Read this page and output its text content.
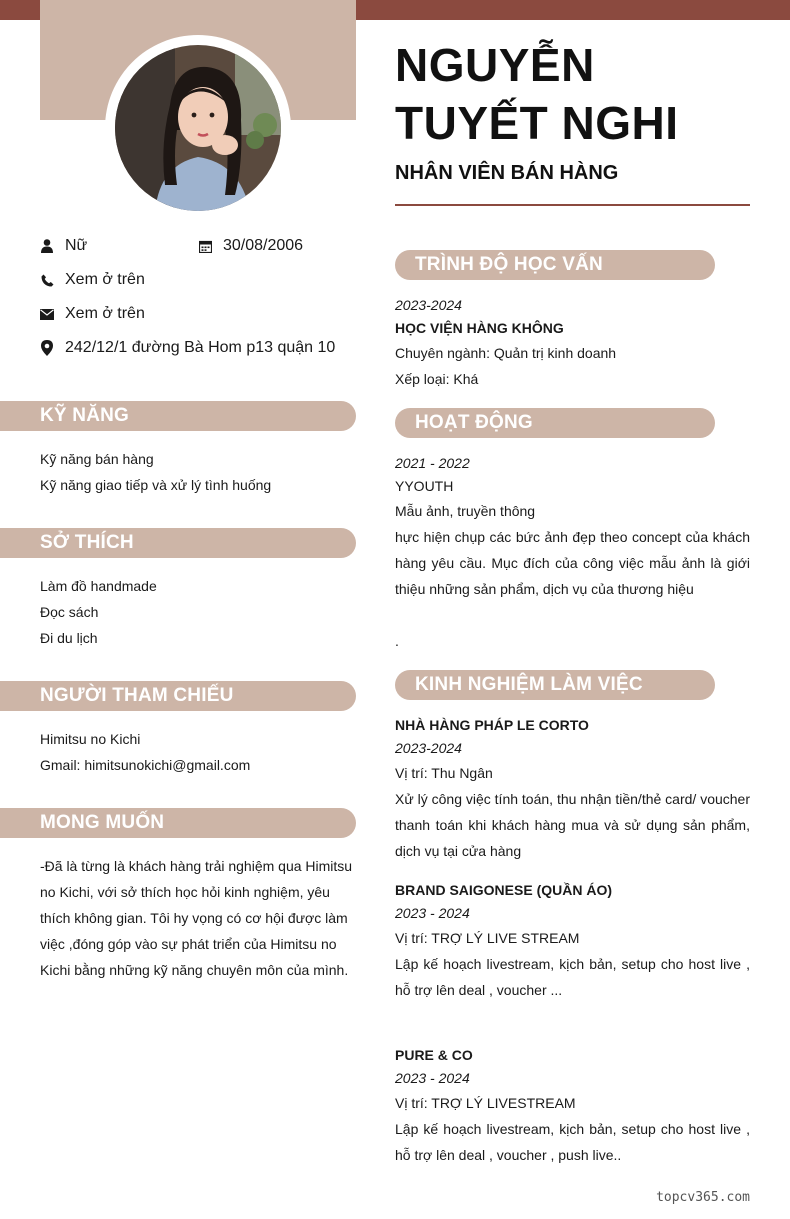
Nữ	30/08/2006
Xem ở trên
Xem ở trên
242/12/1 đường Bà Hom p13 quận 10
KỸ NĂNG
Kỹ năng bán hàng
Kỹ năng giao tiếp và xử lý tình huống
SỞ THÍCH
Làm đồ handmade
Đọc sách
Đi du lịch
NGƯỜI THAM CHIẾU
Himitsu no Kichi
Gmail: himitsunokichi@gmail.com
MONG MUỐN
-Đã là từng là khách hàng trải nghiệm qua Himitsu no Kichi, với sở thích học hỏi kinh nghiệm, yêu thích không gian. Tôi hy vọng có cơ hội được làm việc ,đóng góp vào sự phát triển của Himitsu no Kichi bằng những kỹ năng chuyên môn của mình.
NGUYỄN TUYẾT NGHI
NHÂN VIÊN BÁN HÀNG
TRÌNH ĐỘ HỌC VẤN
2023-2024
HỌC VIỆN HÀNG KHÔNG
Chuyên ngành: Quản trị kinh doanh
Xếp loại: Khá
HOẠT ĐỘNG
2021 - 2022
YYOUTH
Mẫu ảnh, truyền thông
hực hiện chụp các bức ảnh đẹp theo concept của khách hàng yêu cầu. Mục đích của công việc mẫu ảnh là giới thiệu những sản phẩm, dịch vụ của thương hiệu
.
KINH NGHIỆM LÀM VIỆC
NHÀ HÀNG PHÁP LE CORTO
2023-2024
Vị trí: Thu Ngân
Xử lý công việc tính toán, thu nhận tiền/thẻ card/ voucher thanh toán khi khách hàng mua và sử dụng sản phẩm, dịch vụ tại cửa hàng
BRAND SAIGONESE (QUẦN ÁO)
2023 - 2024
Vị trí: TRỢ LÝ LIVE STREAM
Lập kế hoạch livestream, kịch bản, setup cho host live , hỗ trợ lên deal , voucher ...
PURE & CO
2023 - 2024
Vị trí: TRỢ LÝ LIVESTREAM
Lập kế hoạch livestream, kịch bản, setup cho host live , hỗ trợ lên deal , voucher , push live..
topcv365.com
